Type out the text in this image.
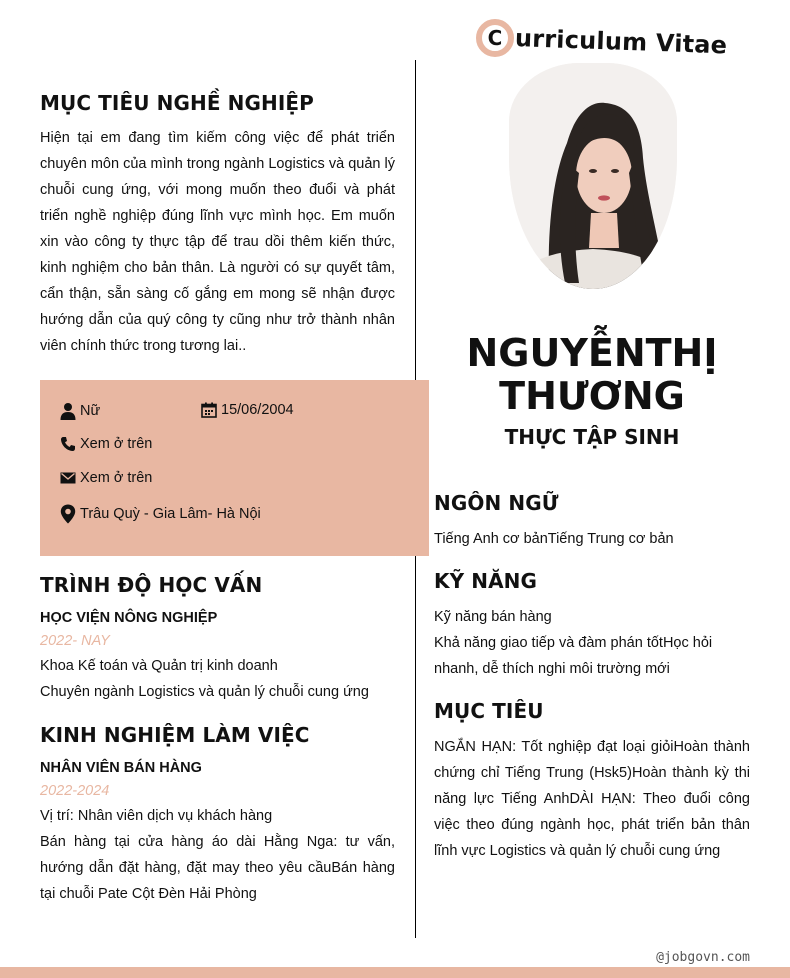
C urriculum Vitae
MỤC TIÊU NGHỀ NGHIỆP
Hiện tại em đang tìm kiếm công việc để phát triển chuyên môn của mình trong ngành Logistics và quản lý chuỗi cung ứng, với mong muốn theo đuổi và phát triển nghề nghiệp đúng lĩnh vực mình học. Em muốn xin vào công ty thực tập để trau dồi thêm kiến thức, kinh nghiệm cho bản thân. Là người có sự quyết tâm, cẩn thận, sẵn sàng cố gắng em mong sẽ nhận được hướng dẫn của quý công ty cũng như trở thành nhân viên chính thức trong tương lai..
Nữ	15/06/2004
Xem ở trên
Xem ở trên
Trâu Quỳ - Gia Lâm- Hà Nội
TRÌNH ĐỘ HỌC VẤN
HỌC VIỆN NÔNG NGHIỆP
2022- NAY
Khoa Kế toán và Quản trị kinh doanh
Chuyên ngành Logistics và quản lý chuỗi cung ứng
KINH NGHIỆM LÀM VIỆC
NHÂN VIÊN BÁN HÀNG
2022-2024
Vị trí: Nhân viên dịch vụ khách hàng
Bán hàng tại cửa hàng áo dài Hằng Nga: tư vấn, hướng dẫn đặt hàng, đặt may theo yêu cầuBán hàng tại chuỗi Pate Cột Đèn Hải Phòng
NGUYỄNTHỊ
THƯƠNG
THỰC TẬP SINH
NGÔN NGỮ
Tiếng Anh cơ bảnTiếng Trung cơ bản
KỸ NĂNG
Kỹ năng bán hàng
Khả năng giao tiếp và đàm phán tốtHọc hỏi nhanh, dễ thích nghi môi trường mới
MỤC TIÊU
NGẮN HẠN: Tốt nghiệp đạt loại giỏiHoàn thành chứng chỉ Tiếng Trung (Hsk5)Hoàn thành kỳ thi năng lực Tiếng AnhDÀI HẠN: Theo đuổi công việc theo đúng ngành học, phát triển bản thân lĩnh vực Logistics và quản lý chuỗi cung ứng
@jobgovn.com
